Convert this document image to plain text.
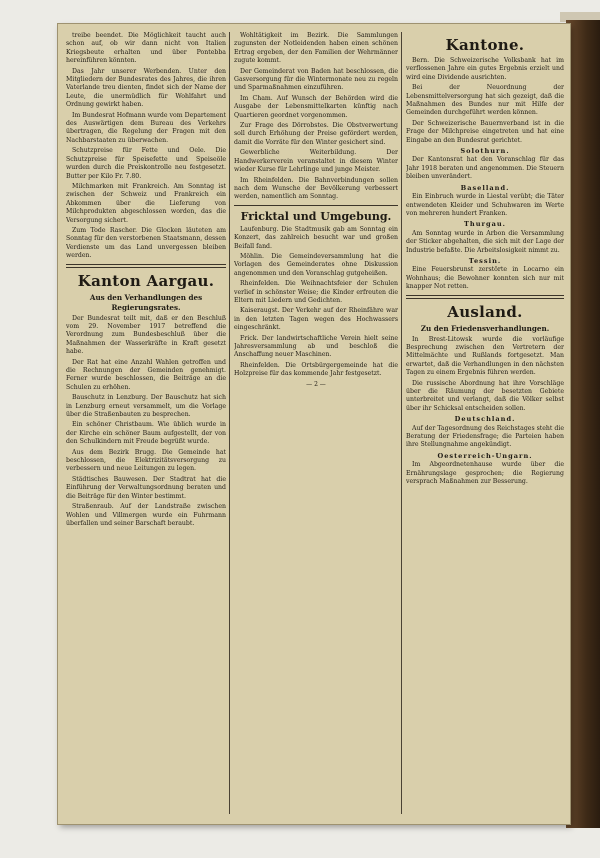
treibe beendet. Die Möglichkeit taucht auch schon auf, ob wir dann nicht von Italien Kriegsbeute erhalten und über Pontebba hereinführen könnten.

Das Jahr unserer Werbenden. Unter den Mitgliedern der Bundesrates des Jahres, die ihren Vaterlande treu dienten, findet sich der Name der Leute, die unermüdlich für Wohlfahrt und Ordnung gewirkt haben.

Im Bundesrat Hofmann wurde vom Departement des Auswärtigen dem Bureau des Verkehrs übertragen, die Regelung der Fragen mit den Nachbarstaaten zu überwachen.

Schutzpreise für Fette und Oele. Die Schutzpreise für Speisefette und Speiseöle wurden durch die Preiskontrolle neu festgesetzt. Butter per Kilo Fr. 7.80.

Milchmarken mit Frankreich. Am Sonntag ist zwischen der Schweiz und Frankreich ein Abkommen über die Lieferung von Milchprodukten abgeschlossen worden, das die Versorgung sichert.

Zum Tode Rascher. Die Glocken läuteten am Sonntag für den verstorbenen Staatsmann, dessen Verdienste um das Land unvergessen bleiben werden.

Kanton Aargau.
Aus den Verhandlungen des Regierungsrates.

Der Bundesrat teilt mit, daß er den Beschluß vom 29. November 1917 betreffend die Verordnung zum Bundesbeschluß über die Maßnahmen der Wasserkräfte in Kraft gesetzt habe.

Der Rat hat eine Anzahl Wahlen getroffen und die Rechnungen der Gemeinden genehmigt. Ferner wurde beschlossen, die Beiträge an die Schulen zu erhöhen.

Bauschutz in Lenzburg. Der Bauschutz hat sich in Lenzburg erneut versammelt, um die Vorlage über die Straßenbauten zu besprechen.

Ein schöner Christbaum. Wie üblich wurde in der Kirche ein schöner Baum aufgestellt, der von den Schulkindern mit Freude begrüßt wurde.

Aus dem Bezirk Brugg. Die Gemeinde hat beschlossen, die Elektrizitätsversorgung zu verbessern und neue Leitungen zu legen.

Städtisches Bauwesen. Der Stadtrat hat die Einführung der Verwaltungsordnung beraten und die Beiträge für den Winter bestimmt.

Straßenraub. Auf der Landstraße zwischen Wohlen und Villmergen wurde ein Fuhrmann überfallen und seiner Barschaft beraubt.

Wohltätigkeit im Bezirk. Die Sammlungen zugunsten der Notleidenden haben einen schönen Ertrag ergeben, der den Familien der Wehrmänner zugute kommt.

Der Gemeinderat von Baden hat beschlossen, die Gasversorgung für die Wintermonate neu zu regeln und Sparmaßnahmen einzuführen.

Im Cham. Auf Wunsch der Behörden wird die Ausgabe der Lebensmittelkarten künftig nach Quartieren geordnet vorgenommen.

Zur Frage des Dörrobstes. Die Obstverwertung soll durch Erhöhung der Preise gefördert werden, damit die Vorräte für den Winter gesichert sind.

Gewerbliche Weiterbildung. Der Handwerkerverein veranstaltet in diesem Winter wieder Kurse für Lehrlinge und junge Meister.

Im Rheinfelden. Die Bahnverbindungen sollen nach dem Wunsche der Bevölkerung verbessert werden, namentlich am Sonntag.

Fricktal und Umgebung.

Laufenburg. Die Stadtmusik gab am Sonntag ein Konzert, das zahlreich besucht war und großen Beifall fand.

Möhlin. Die Gemeindeversammlung hat die Vorlagen des Gemeinderates ohne Diskussion angenommen und den Voranschlag gutgeheißen.

Rheinfelden. Die Weihnachtsfeier der Schulen verlief in schönster Weise; die Kinder erfreuten die Eltern mit Liedern und Gedichten.

Kaiseraugst. Der Verkehr auf der Rheinfähre war in den letzten Tagen wegen des Hochwassers eingeschränkt.

Frick. Der landwirtschaftliche Verein hielt seine Jahresversammlung ab und beschloß die Anschaffung neuer Maschinen.

Rheinfelden. Die Ortsbürgergemeinde hat die Holzpreise für das kommende Jahr festgesetzt.

— 2 —
Kantone.

Bern. Die Schweizerische Volksbank hat im verflossenen Jahre ein gutes Ergebnis erzielt und wird eine Dividende ausrichten.

Bei der Neuordnung der Lebensmittelversorgung hat sich gezeigt, daß die Maßnahmen des Bundes nur mit Hilfe der Gemeinden durchgeführt werden können.

Der Schweizerische Bauernverband ist in die Frage der Milchpreise eingetreten und hat eine Eingabe an den Bundesrat gerichtet.

Solothurn.

Der Kantonsrat hat den Voranschlag für das Jahr 1918 beraten und angenommen. Die Steuern bleiben unverändert.

Baselland.

Ein Einbruch wurde in Liestal verübt; die Täter entwendeten Kleider und Schuhwaren im Werte von mehreren hundert Franken.

Thurgau.

Am Sonntag wurde in Arbon die Versammlung der Sticker abgehalten, die sich mit der Lage der Industrie befaßte. Die Arbeitslosigkeit nimmt zu.

Tessin.

Eine Feuersbrunst zerstörte in Locarno ein Wohnhaus; die Bewohner konnten sich nur mit knapper Not retten.

Ausland.
Zu den Friedensverhandlungen.

In Brest-Litowsk wurde die vorläufige Besprechung zwischen den Vertretern der Mittelmächte und Rußlands fortgesetzt. Man erwartet, daß die Verhandlungen in den nächsten Tagen zu einem Ergebnis führen werden.

Die russische Abordnung hat ihre Vorschläge über die Räumung der besetzten Gebiete unterbreitet und verlangt, daß die Völker selbst über ihr Schicksal entscheiden sollen.

Deutschland.

Auf der Tagesordnung des Reichstages steht die Beratung der Friedensfrage; die Parteien haben ihre Stellungnahme angekündigt.

Oesterreich-Ungarn.

Im Abgeordnetenhause wurde über die Ernährungslage gesprochen; die Regierung versprach Maßnahmen zur Besserung.
